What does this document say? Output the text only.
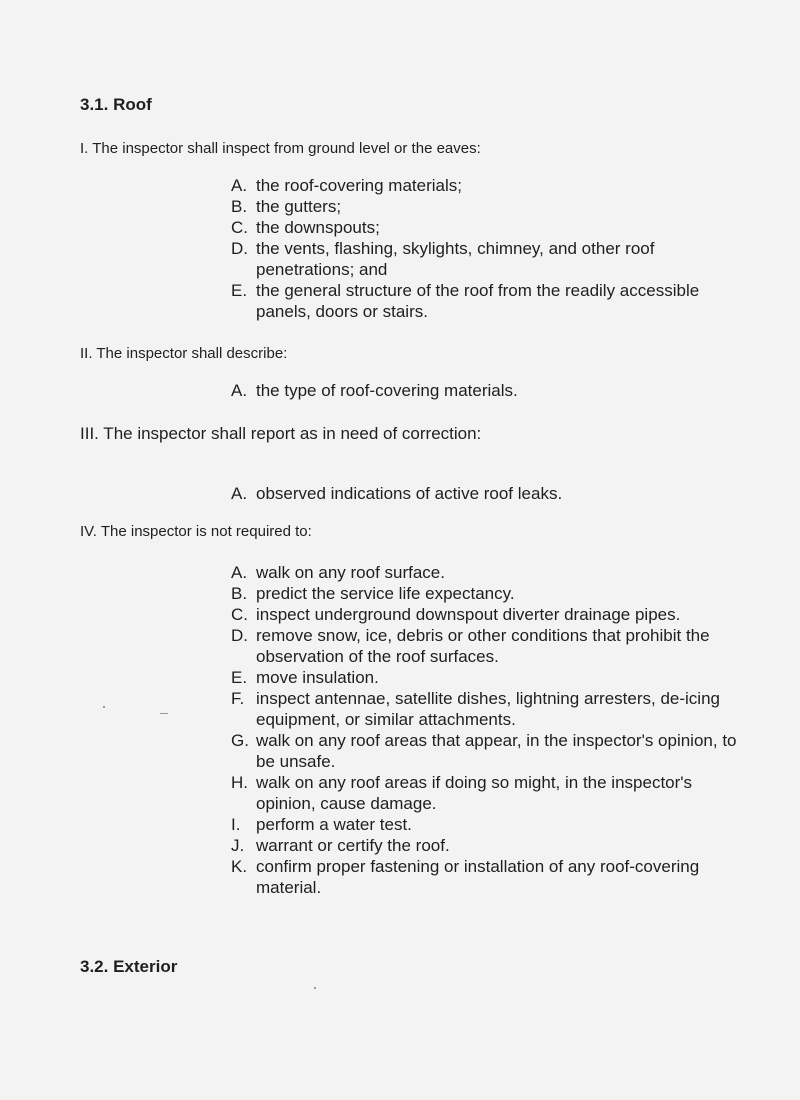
3.1. Roof

I. The inspector shall inspect from ground level or the eaves:

A. the roof-covering materials;
B. the gutters;
C. the downspouts;
D. the vents, flashing, skylights, chimney, and other roof penetrations; and
E. the general structure of the roof from the readily accessible panels, doors or stairs.

II. The inspector shall describe:

A. the type of roof-covering materials.

III. The inspector shall report as in need of correction:

A. observed indications of active roof leaks.

IV. The inspector is not required to:

A. walk on any roof surface.
B. predict the service life expectancy.
C. inspect underground downspout diverter drainage pipes.
D. remove snow, ice, debris or other conditions that prohibit the observation of the roof surfaces.
E. move insulation.
F. inspect antennae, satellite dishes, lightning arresters, de-icing equipment, or similar attachments.
G. walk on any roof areas that appear, in the inspector's opinion, to be unsafe.
H. walk on any roof areas if doing so might, in the inspector's opinion, cause damage.
I. perform a water test.
J. warrant or certify the roof.
K. confirm proper fastening or installation of any roof-covering material.
3.2. Exterior
